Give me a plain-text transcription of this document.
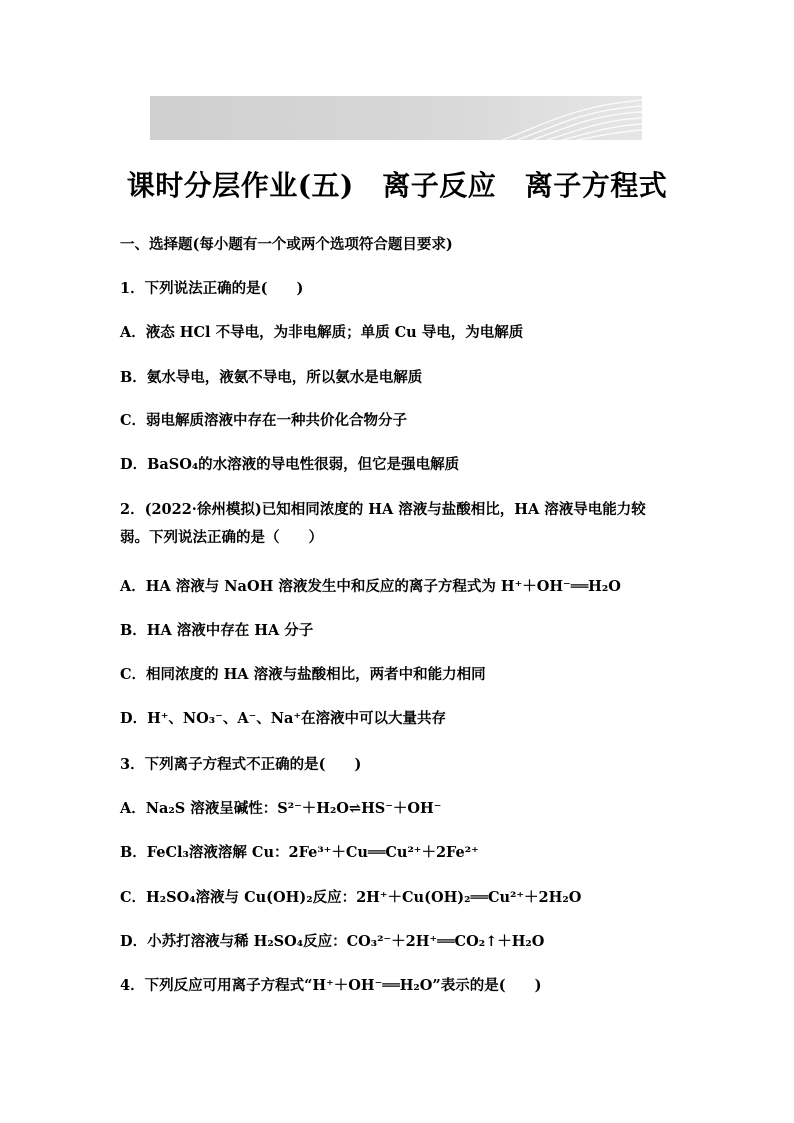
课时分层作业(五)　离子反应　离子方程式
一、选择题(每小题有一个或两个选项符合题目要求)
1．下列说法正确的是(　　)
A．液态 HCl 不导电，为非电解质；单质 Cu 导电，为电解质
B．氨水导电，液氨不导电，所以氨水是电解质
C．弱电解质溶液中存在一种共价化合物分子
D．BaSO₄的水溶液的导电性很弱，但它是强电解质
2．(2022·徐州模拟)已知相同浓度的 HA 溶液与盐酸相比，HA 溶液导电能力较
弱。下列说法正确的是（　　）
A．HA 溶液与 NaOH 溶液发生中和反应的离子方程式为 H⁺＋OH⁻══H₂O
B．HA 溶液中存在 HA 分子
C．相同浓度的 HA 溶液与盐酸相比，两者中和能力相同
D．H⁺、NO₃⁻、A⁻、Na⁺在溶液中可以大量共存
3．下列离子方程式不正确的是(　　)
A．Na₂S 溶液呈碱性：S²⁻＋H₂O⇌HS⁻＋OH⁻
B．FeCl₃溶液溶解 Cu：2Fe³⁺＋Cu══Cu²⁺＋2Fe²⁺
C．H₂SO₄溶液与 Cu(OH)₂反应：2H⁺＋Cu(OH)₂══Cu²⁺＋2H₂O
D．小苏打溶液与稀 H₂SO₄反应：CO₃²⁻＋2H⁺══CO₂↑＋H₂O
4．下列反应可用离子方程式“H⁺＋OH⁻══H₂O”表示的是(　　)
